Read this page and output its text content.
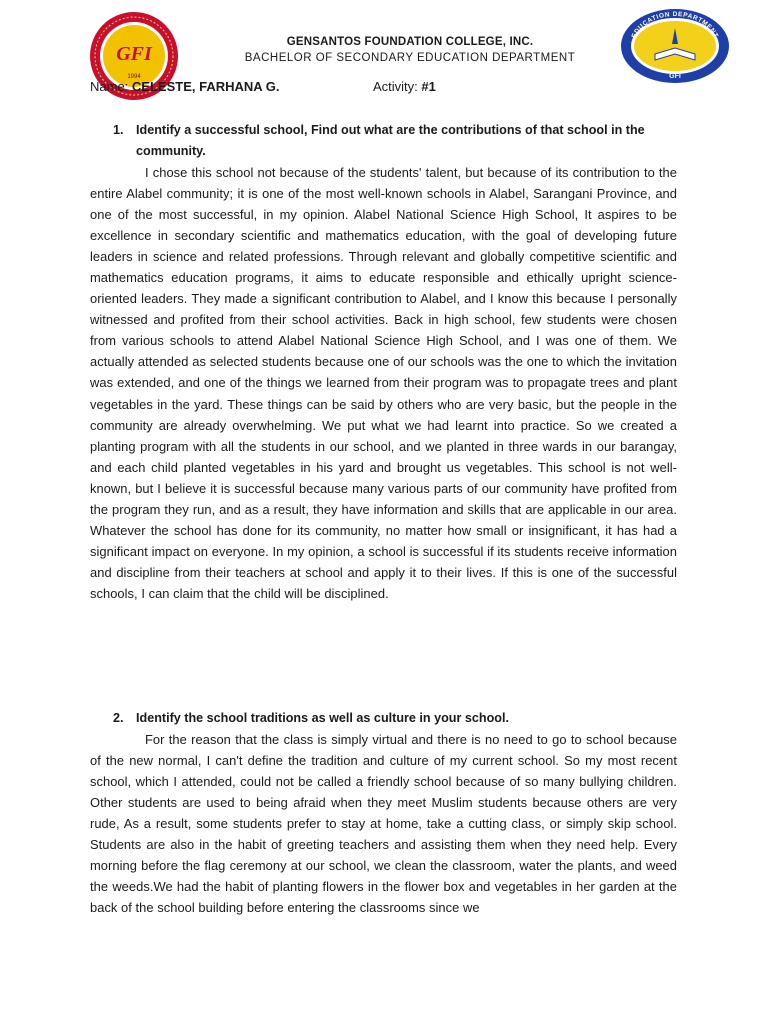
GFI
1994
EDUCATION DEPARTMENT
GFI
GENSANTOS FOUNDATION COLLEGE, INC.
BACHELOR OF SECONDARY EDUCATION DEPARTMENT
Name: CELESTE, FARHANA G.	Activity: #1
1. Identify a successful school, Find out what are the contributions of that school in the community.
I chose this school not because of the students' talent, but because of its contribution to the entire Alabel community; it is one of the most well-known schools in Alabel, Sarangani Province, and one of the most successful, in my opinion. Alabel National Science High School, It aspires to be excellence in secondary scientific and mathematics education, with the goal of developing future leaders in science and related professions. Through relevant and globally competitive scientific and mathematics education programs, it aims to educate responsible and ethically upright science-oriented leaders. They made a significant contribution to Alabel, and I know this because I personally witnessed and profited from their school activities. Back in high school, few students were chosen from various schools to attend Alabel National Science High School, and I was one of them. We actually attended as selected students because one of our schools was the one to which the invitation was extended, and one of the things we learned from their program was to propagate trees and plant vegetables in the yard. These things can be said by others who are very basic, but the people in the community are already overwhelming. We put what we had learnt into practice. So we created a planting program with all the students in our school, and we planted in three wards in our barangay, and each child planted vegetables in his yard and brought us vegetables. This school is not well-known, but I believe it is successful because many various parts of our community have profited from the program they run, and as a result, they have information and skills that are applicable in our area. Whatever the school has done for its community, no matter how small or insignificant, it has had a significant impact on everyone. In my opinion, a school is successful if its students receive information and discipline from their teachers at school and apply it to their lives. If this is one of the successful schools, I can claim that the child will be disciplined.
2. Identify the school traditions as well as culture in your school.
For the reason that the class is simply virtual and there is no need to go to school because of the new normal, I can't define the tradition and culture of my current school. So my most recent school, which I attended, could not be called a friendly school because of so many bullying children. Other students are used to being afraid when they meet Muslim students because others are very rude, As a result, some students prefer to stay at home, take a cutting class, or simply skip school. Students are also in the habit of greeting teachers and assisting them when they need help. Every morning before the flag ceremony at our school, we clean the classroom, water the plants, and weed the weeds.We had the habit of planting flowers in the flower box and vegetables in her garden at the back of the school building before entering the classrooms since we
